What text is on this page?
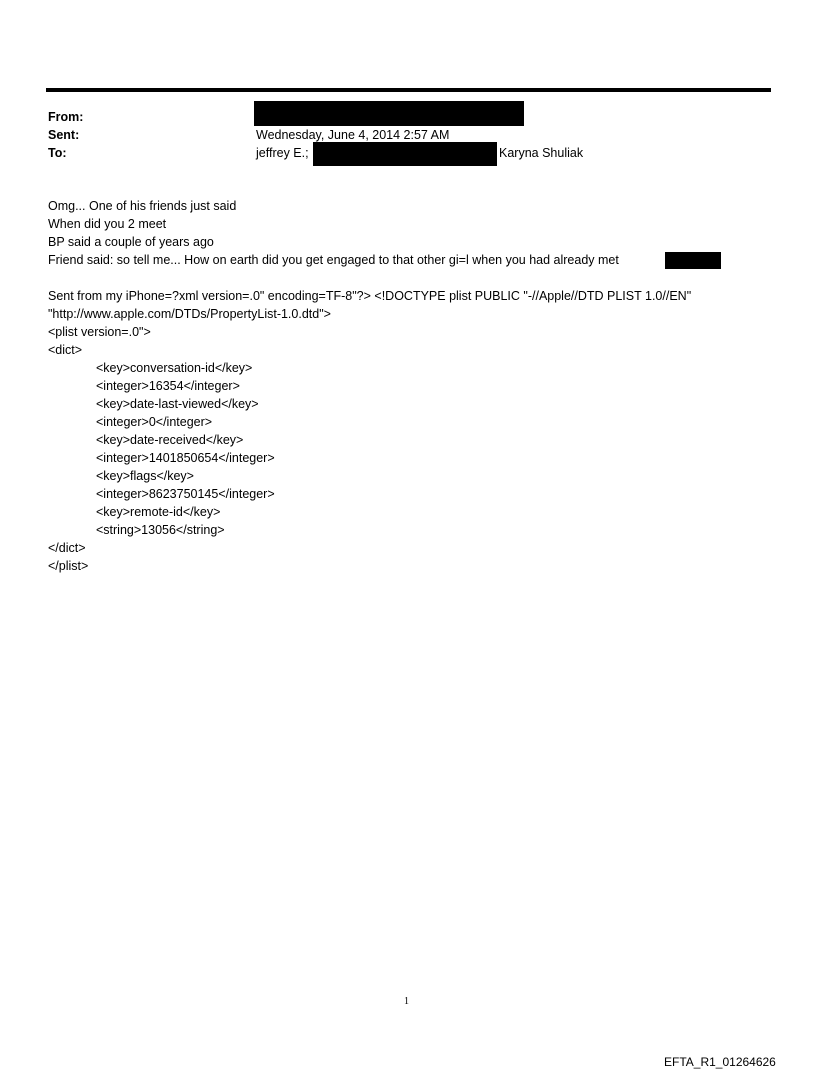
From:
Sent:	Wednesday, June 4, 2014 2:57 AM
To:	jeffrey E.;	Karyna Shuliak
Omg... One of his friends just said
When did you 2 meet
BP said a couple of years ago
Friend said: so tell me... How on earth did you get engaged to that other gi=l when you had already met
Sent from my iPhone=?xml version=.0" encoding=TF-8"?> <!DOCTYPE plist PUBLIC "-//Apple//DTD PLIST 1.0//EN"
"http://www.apple.com/DTDs/PropertyList-1.0.dtd">
<plist version=.0">
<dict>
<key>conversation-id</key>
<integer>16354</integer>
<key>date-last-viewed</key>
<integer>0</integer>
<key>date-received</key>
<integer>1401850654</integer>
<key>flags</key>
<integer>8623750145</integer>
<key>remote-id</key>
<string>13056</string>
</dict>
</plist>
1
EFTA_R1_01264626
